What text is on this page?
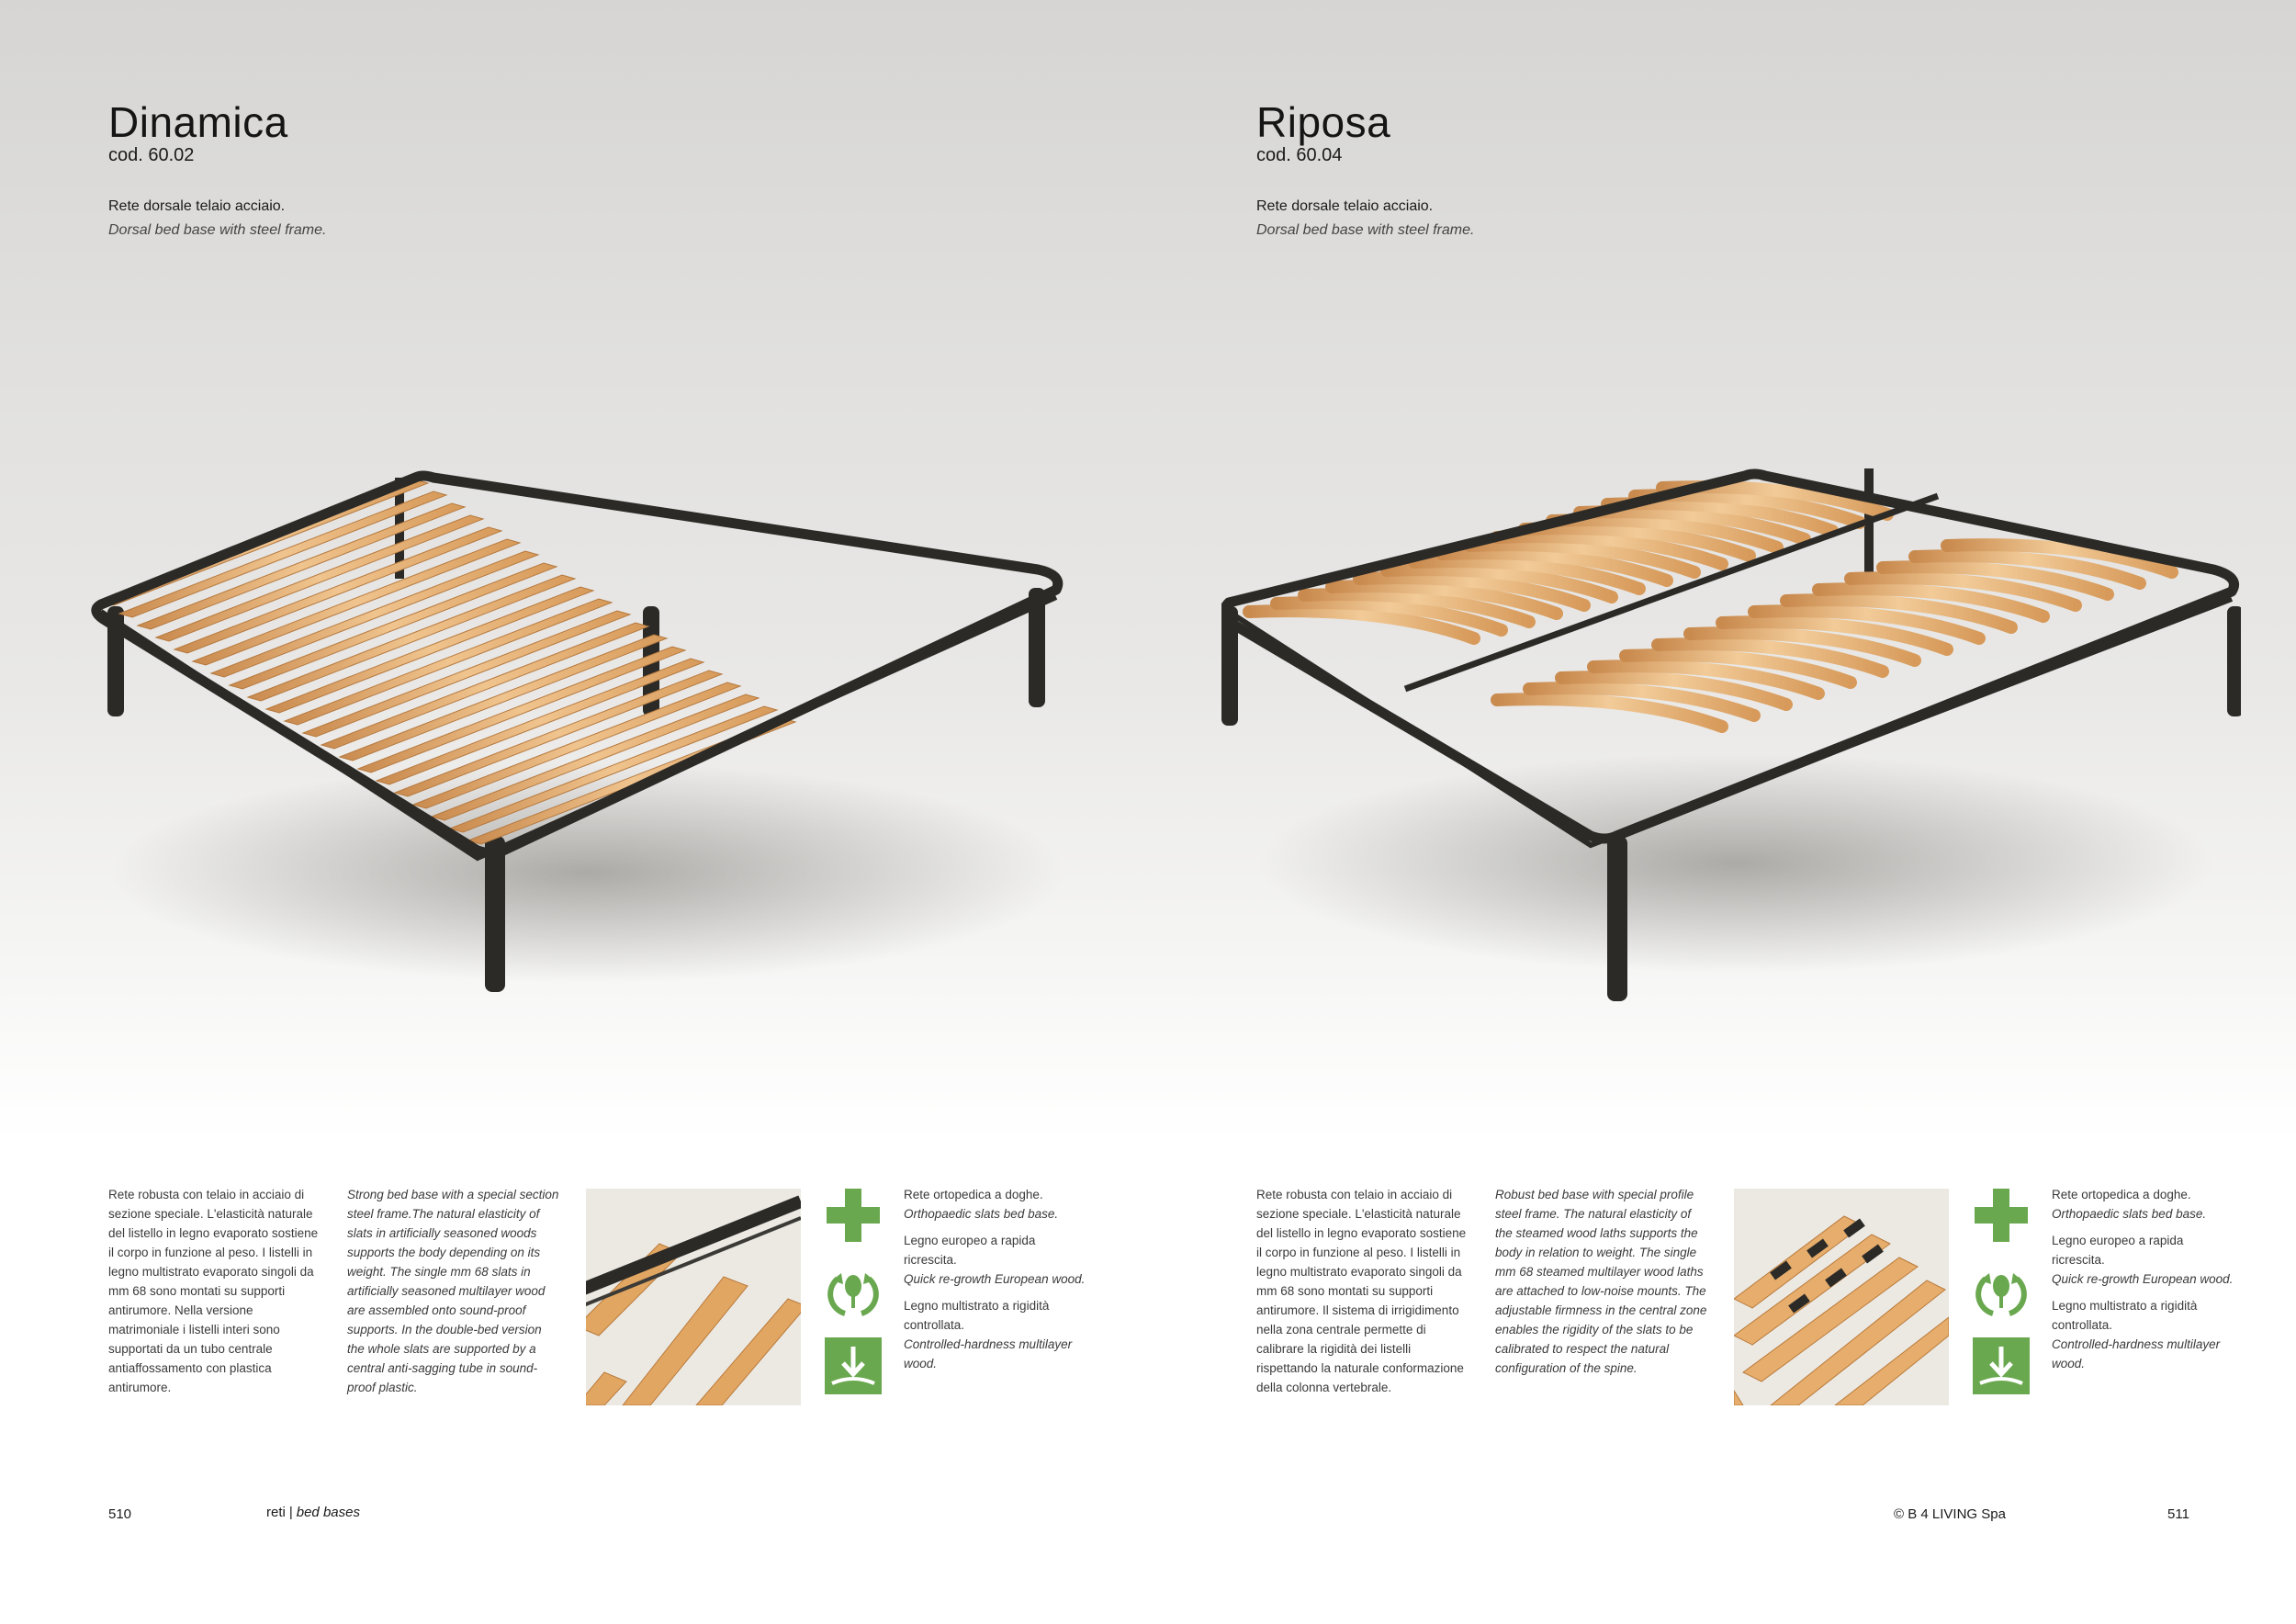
Dinamica
cod. 60.02
Rete dorsale telaio acciaio.
Dorsal bed base with steel frame.
Rete robusta con telaio in acciaio di sezione speciale. L'elasticità naturale del listello in legno evaporato sostiene il corpo in funzione al peso. I listelli in legno multistrato evaporato singoli da mm 68 sono montati su supporti antirumore. Nella versione matrimoniale i listelli interi sono supportati da un tubo centrale antiaffossamento con plastica antirumore.
Strong bed base with a special section steel frame.The natural elasticity of slats in artificially seasoned woods supports the body depending on its weight. The single mm 68 slats in artificially seasoned multilayer wood are assembled onto sound-proof supports. In the double-bed version the whole slats are supported by a central anti-sagging tube in sound-proof plastic.
Rete ortopedica a doghe.
Orthopaedic slats bed base.
Legno europeo a rapida ricrescita.
Quick re-growth European wood.
Legno multistrato a rigidità controllata.
Controlled-hardness multilayer wood.
510	reti | bed bases
Riposa
cod. 60.04
Rete dorsale telaio acciaio.
Dorsal bed base with steel frame.
Rete robusta con telaio in acciaio di sezione speciale. L'elasticità naturale del listello in legno evaporato sostiene il corpo in funzione al peso. I listelli in legno multistrato evaporato singoli da mm 68 sono montati su supporti antirumore. Il sistema di irrigidimento nella zona centrale permette di calibrare la rigidità dei listelli rispettando la naturale conformazione della colonna vertebrale.
Robust bed base with special profile steel frame. The natural elasticity of the steamed wood laths supports the body in relation to weight. The single mm 68 steamed multilayer wood laths are attached to low-noise mounts. The adjustable firmness in the central zone enables the rigidity of the slats to be calibrated to respect the natural configuration of the spine.
Rete ortopedica a doghe.
Orthopaedic slats bed base.
Legno europeo a rapida ricrescita.
Quick re-growth European wood.
Legno multistrato a rigidità controllata.
Controlled-hardness multilayer wood.
© B 4 LIVING Spa	511
